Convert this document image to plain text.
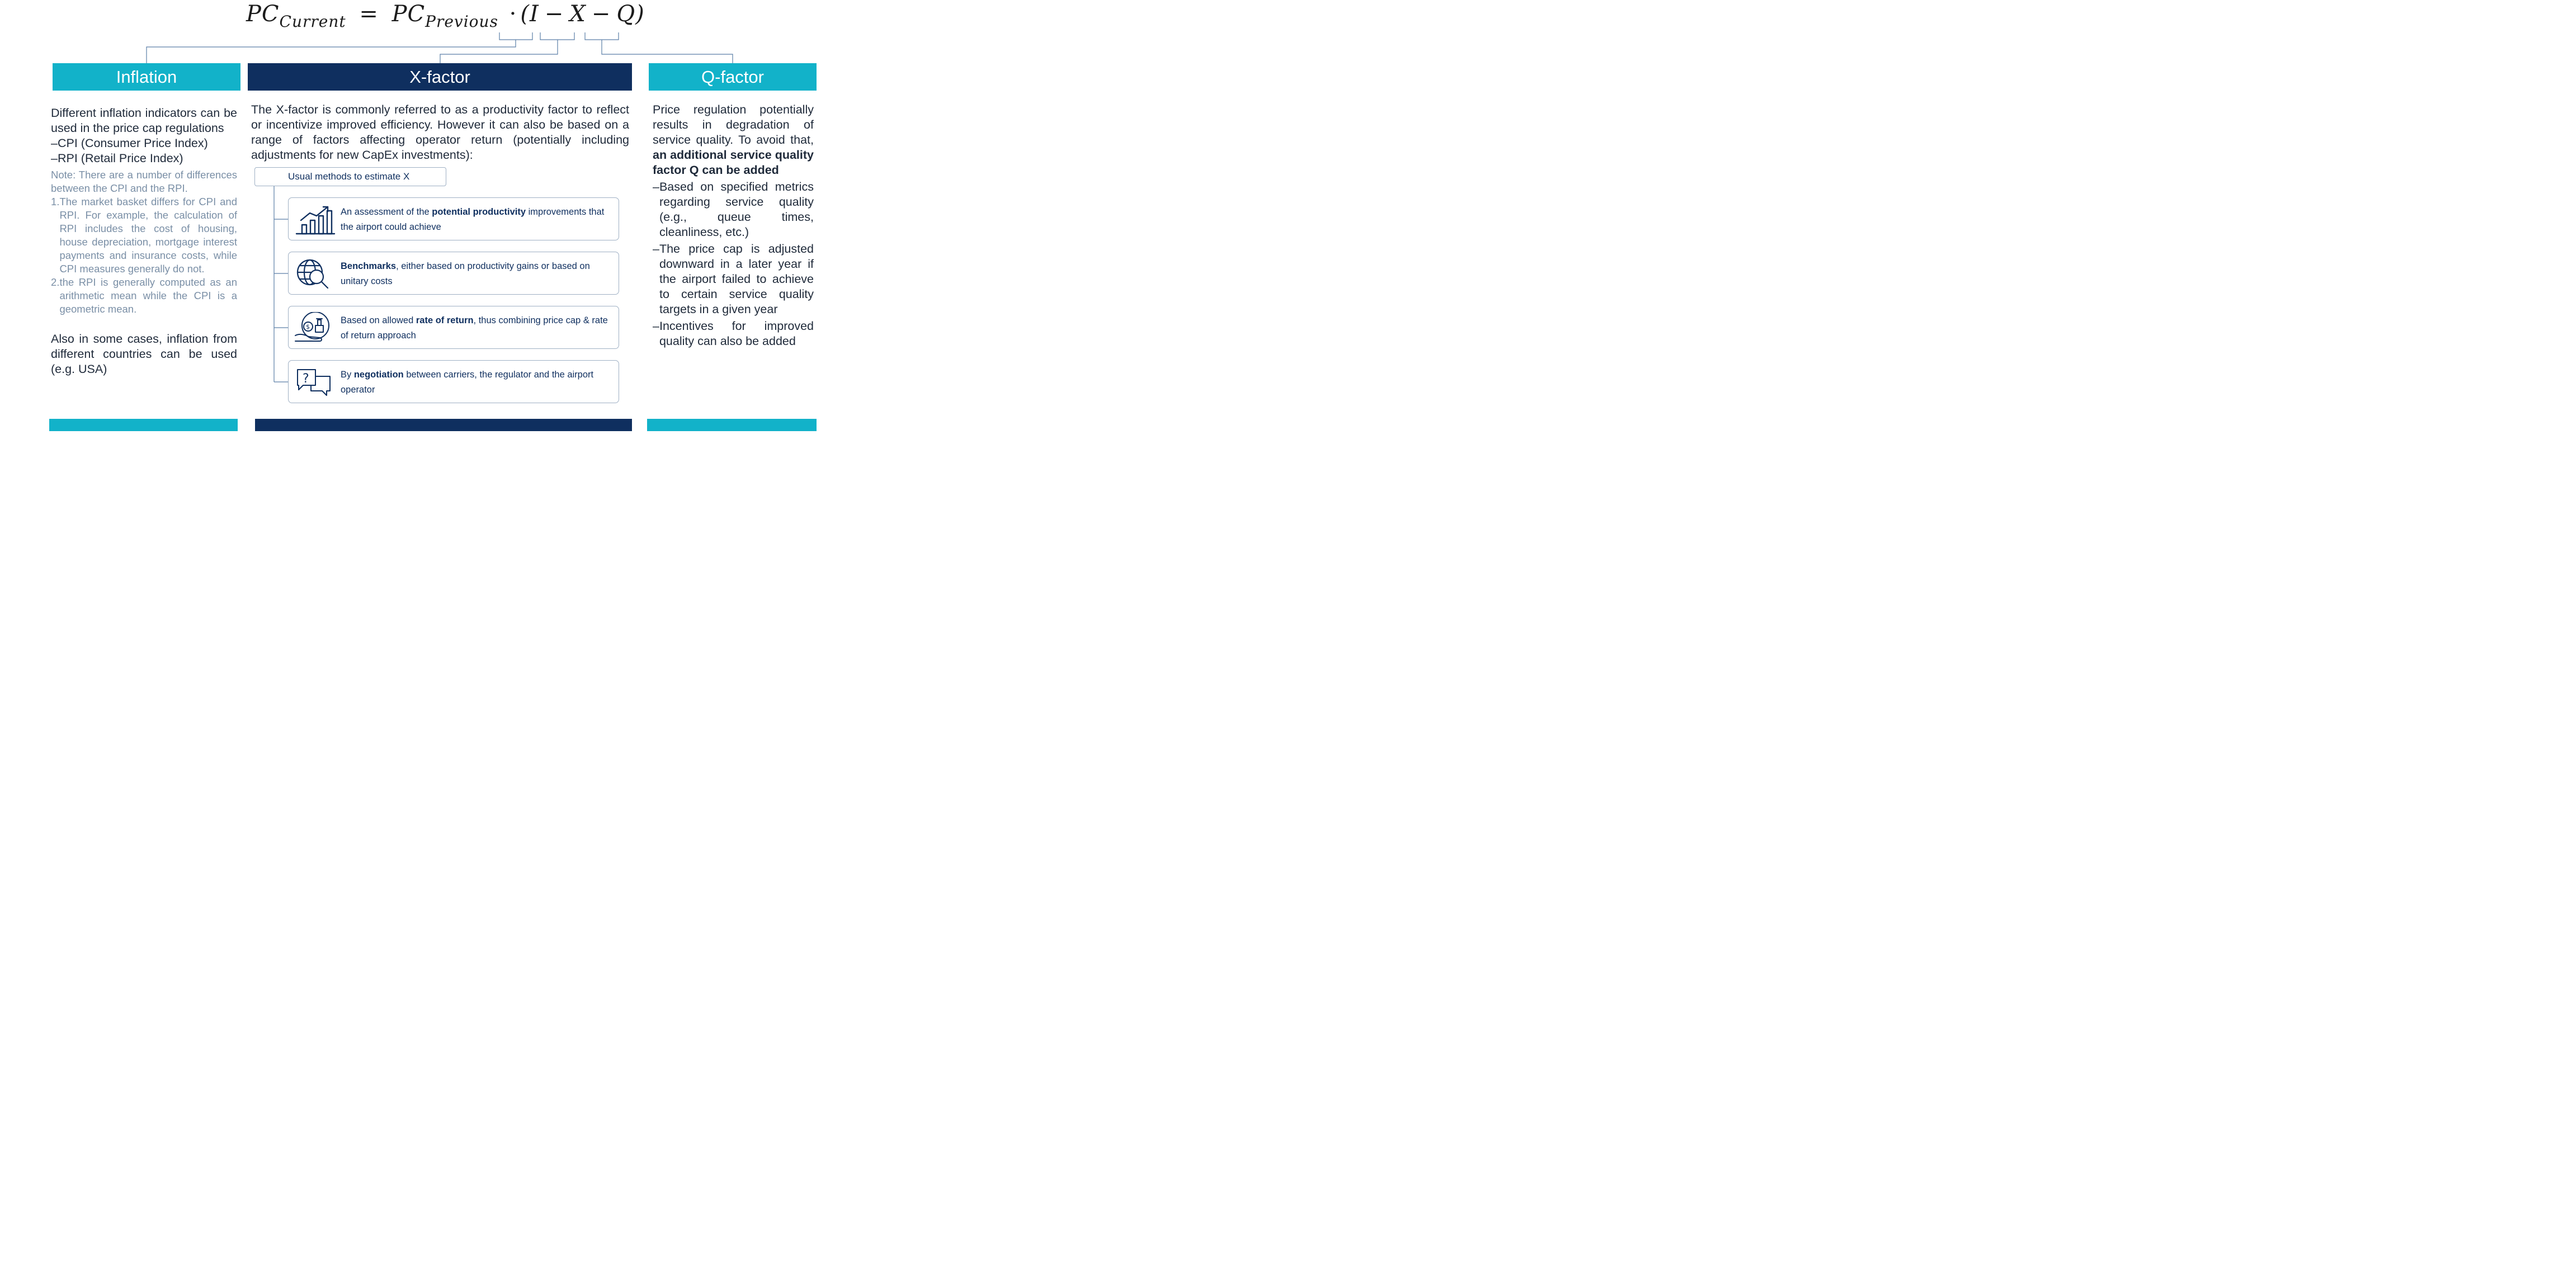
$PC_{Current} = PC_{Previous} \cdot (I - X - Q)$
Inflation	X-factor	Q-factor
Different inflation indicators can be used in the price cap regulations
– CPI (Consumer Price Index)
– RPI (Retail Price Index)
Note: There are a number of differences between the CPI and the RPI.
1. The market basket differs for CPI and RPI. For example, the calculation of RPI includes the cost of housing, house depreciation, mortgage interest payments and insurance costs, while CPI measures generally do not.
2. the RPI is generally computed as an arithmetic mean while the CPI is a geometric mean.
Also in some cases, inflation from different countries can be used (e.g. USA)
The X-factor is commonly referred to as a productivity factor to reflect or incentivize improved efficiency. However it can also be based on a range of factors affecting operator return (potentially including adjustments for new CapEx investments):
Usual methods to estimate X
An assessment of the potential productivity improvements that the airport could achieve
Benchmarks, either based on productivity gains or based on unitary costs
$
Based on allowed rate of return, thus combining price cap & rate of return approach
?	By negotiation between carriers, the regulator and the airport operator
Price regulation potentially results in degradation of service quality. To avoid that, an additional service quality factor Q can be added
– Based on specified metrics regarding service quality (e.g., queue times, cleanliness, etc.)
– The price cap is adjusted downward in a later year if the airport failed to achieve to certain service quality targets in a given year
– Incentives for improved quality can also be added
